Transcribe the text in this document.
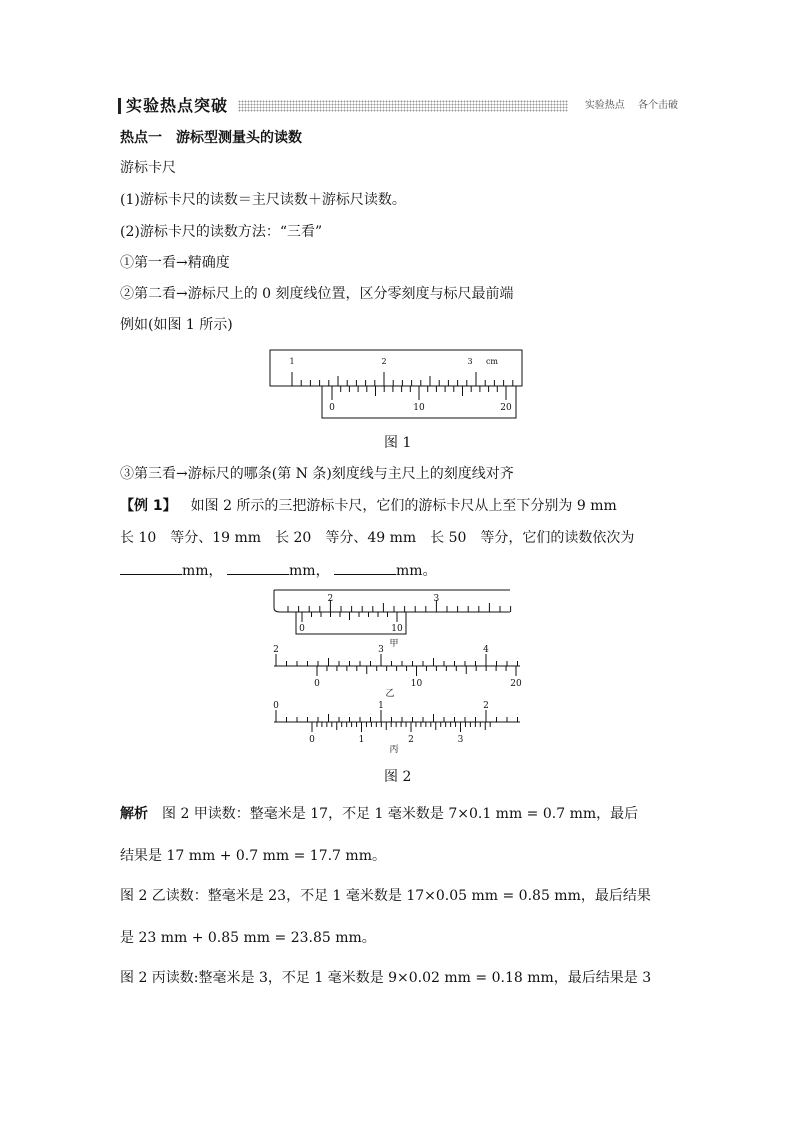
实验热点突破	实验热点 各个击破
热点一　游标型测量头的读数
游标卡尺
(1)游标卡尺的读数＝主尺读数＋游标尺读数。
(2)游标卡尺的读数方法：“三看”
①第一看→精确度
②第二看→游标尺上的 0 刻度线位置，区分零刻度与标尺最前端
例如(如图 1 所示)
1	2	3 cm
0	10	20
图 1
③第三看→游标尺的哪条(第 N 条)刻度线与主尺上的刻度线对齐
【例 1】 如图 2 所示的三把游标卡尺，它们的游标卡尺从上至下分别为 9 mm
长 10　等分、19 mm　长 20　等分、49 mm　长 50　等分，它们的读数依次为
mm，	mm，	mm。
2	3
0	10
甲
2	3	4
0	10	20
乙
0	1	2
0	1	2	3
丙
图 2
解析 图 2 甲读数：整毫米是 17，不足 1 毫米数是 7×0.1 mm = 0.7 mm，最后
结果是 17 mm + 0.7 mm = 17.7 mm。
图 2 乙读数：整毫米是 23，不足 1 毫米数是 17×0.05 mm = 0.85 mm，最后结果
是 23 mm + 0.85 mm = 23.85 mm。
图 2 丙读数:整毫米是 3，不足 1 毫米数是 9×0.02 mm = 0.18 mm，最后结果是 3
